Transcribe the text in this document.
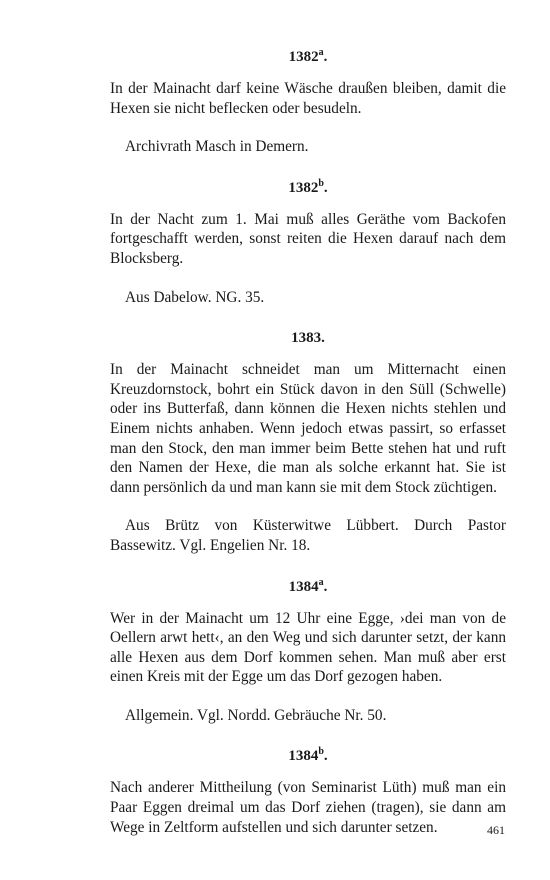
1382$^a$.

In der Mainacht darf keine Wäsche draußen bleiben, damit die Hexen sie nicht beflecken oder besudeln.

Archivrath Masch in Demern.

1382$^b$.

In der Nacht zum 1. Mai muß alles Geräthe vom Backofen fortgeschafft werden, sonst reiten die Hexen darauf nach dem Blocksberg.

Aus Dabelow. NG. 35.

1383.

In der Mainacht schneidet man um Mitternacht einen Kreuzdornstock, bohrt ein Stück davon in den Süll (Schwelle) oder ins Butterfaß, dann können die Hexen nichts stehlen und Einem nichts anhaben. Wenn jedoch etwas passirt, so erfasset man den Stock, den man immer beim Bette stehen hat und ruft den Namen der Hexe, die man als solche erkannt hat. Sie ist dann persönlich da und man kann sie mit dem Stock züchtigen.

Aus Brütz von Küsterwitwe Lübbert. Durch Pastor Bassewitz. Vgl. Engelien Nr. 18.

1384$^a$.

Wer in der Mainacht um 12 Uhr eine Egge, ›dei man von de Oellern arwt hett‹, an den Weg und sich darunter setzt, der kann alle Hexen aus dem Dorf kommen sehen. Man muß aber erst einen Kreis mit der Egge um das Dorf gezogen haben.

Allgemein. Vgl. Nordd. Gebräuche Nr. 50.

1384$^b$.

Nach anderer Mittheilung (von Seminarist Lüth) muß man ein Paar Eggen dreimal um das Dorf ziehen (tragen), sie dann am Wege in Zeltform aufstellen und sich darunter setzen.	461
